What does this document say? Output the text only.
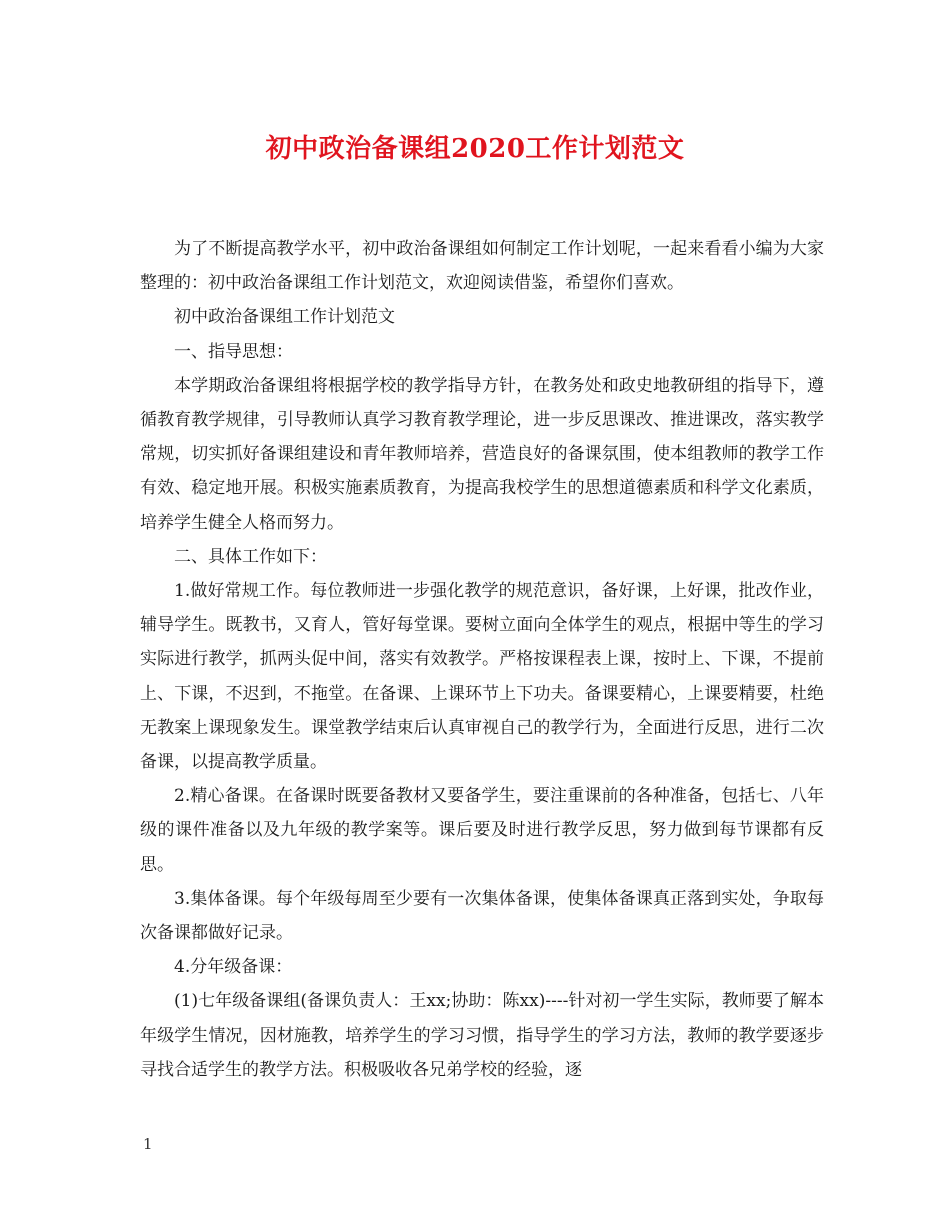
初中政治备课组2020工作计划范文

为了不断提高教学水平，初中政治备课组如何制定工作计划呢，一起来看看小编为大家整理的：初中政治备课组工作计划范文，欢迎阅读借鉴，希望你们喜欢。

初中政治备课组工作计划范文

一、指导思想：

本学期政治备课组将根据学校的教学指导方针，在教务处和政史地教研组的指导下，遵循教育教学规律，引导教师认真学习教育教学理论，进一步反思课改、推进课改，落实教学常规，切实抓好备课组建设和青年教师培养，营造良好的备课氛围，使本组教师的教学工作有效、稳定地开展。积极实施素质教育，为提高我校学生的思想道德素质和科学文化素质，培养学生健全人格而努力。

二、具体工作如下：

1.做好常规工作。每位教师进一步强化教学的规范意识，备好课，上好课，批改作业，辅导学生。既教书，又育人，管好每堂课。要树立面向全体学生的观点，根据中等生的学习实际进行教学，抓两头促中间，落实有效教学。严格按课程表上课，按时上、下课，不提前上、下课，不迟到，不拖堂。在备课、上课环节上下功夫。备课要精心，上课要精要，杜绝无教案上课现象发生。课堂教学结束后认真审视自己的教学行为，全面进行反思，进行二次备课，以提高教学质量。

2.精心备课。在备课时既要备教材又要备学生，要注重课前的各种准备，包括七、八年级的课件准备以及九年级的教学案等。课后要及时进行教学反思，努力做到每节课都有反思。

3.集体备课。每个年级每周至少要有一次集体备课，使集体备课真正落到实处，争取每次备课都做好记录。

4.分年级备课：

(1)七年级备课组(备课负责人：王xx;协助：陈xx)----针对初一学生实际，教师要了解本年级学生情况，因材施教，培养学生的学习习惯，指导学生的学习方法，教师的教学要逐步寻找合适学生的教学方法。积极吸收各兄弟学校的经验，逐

1
